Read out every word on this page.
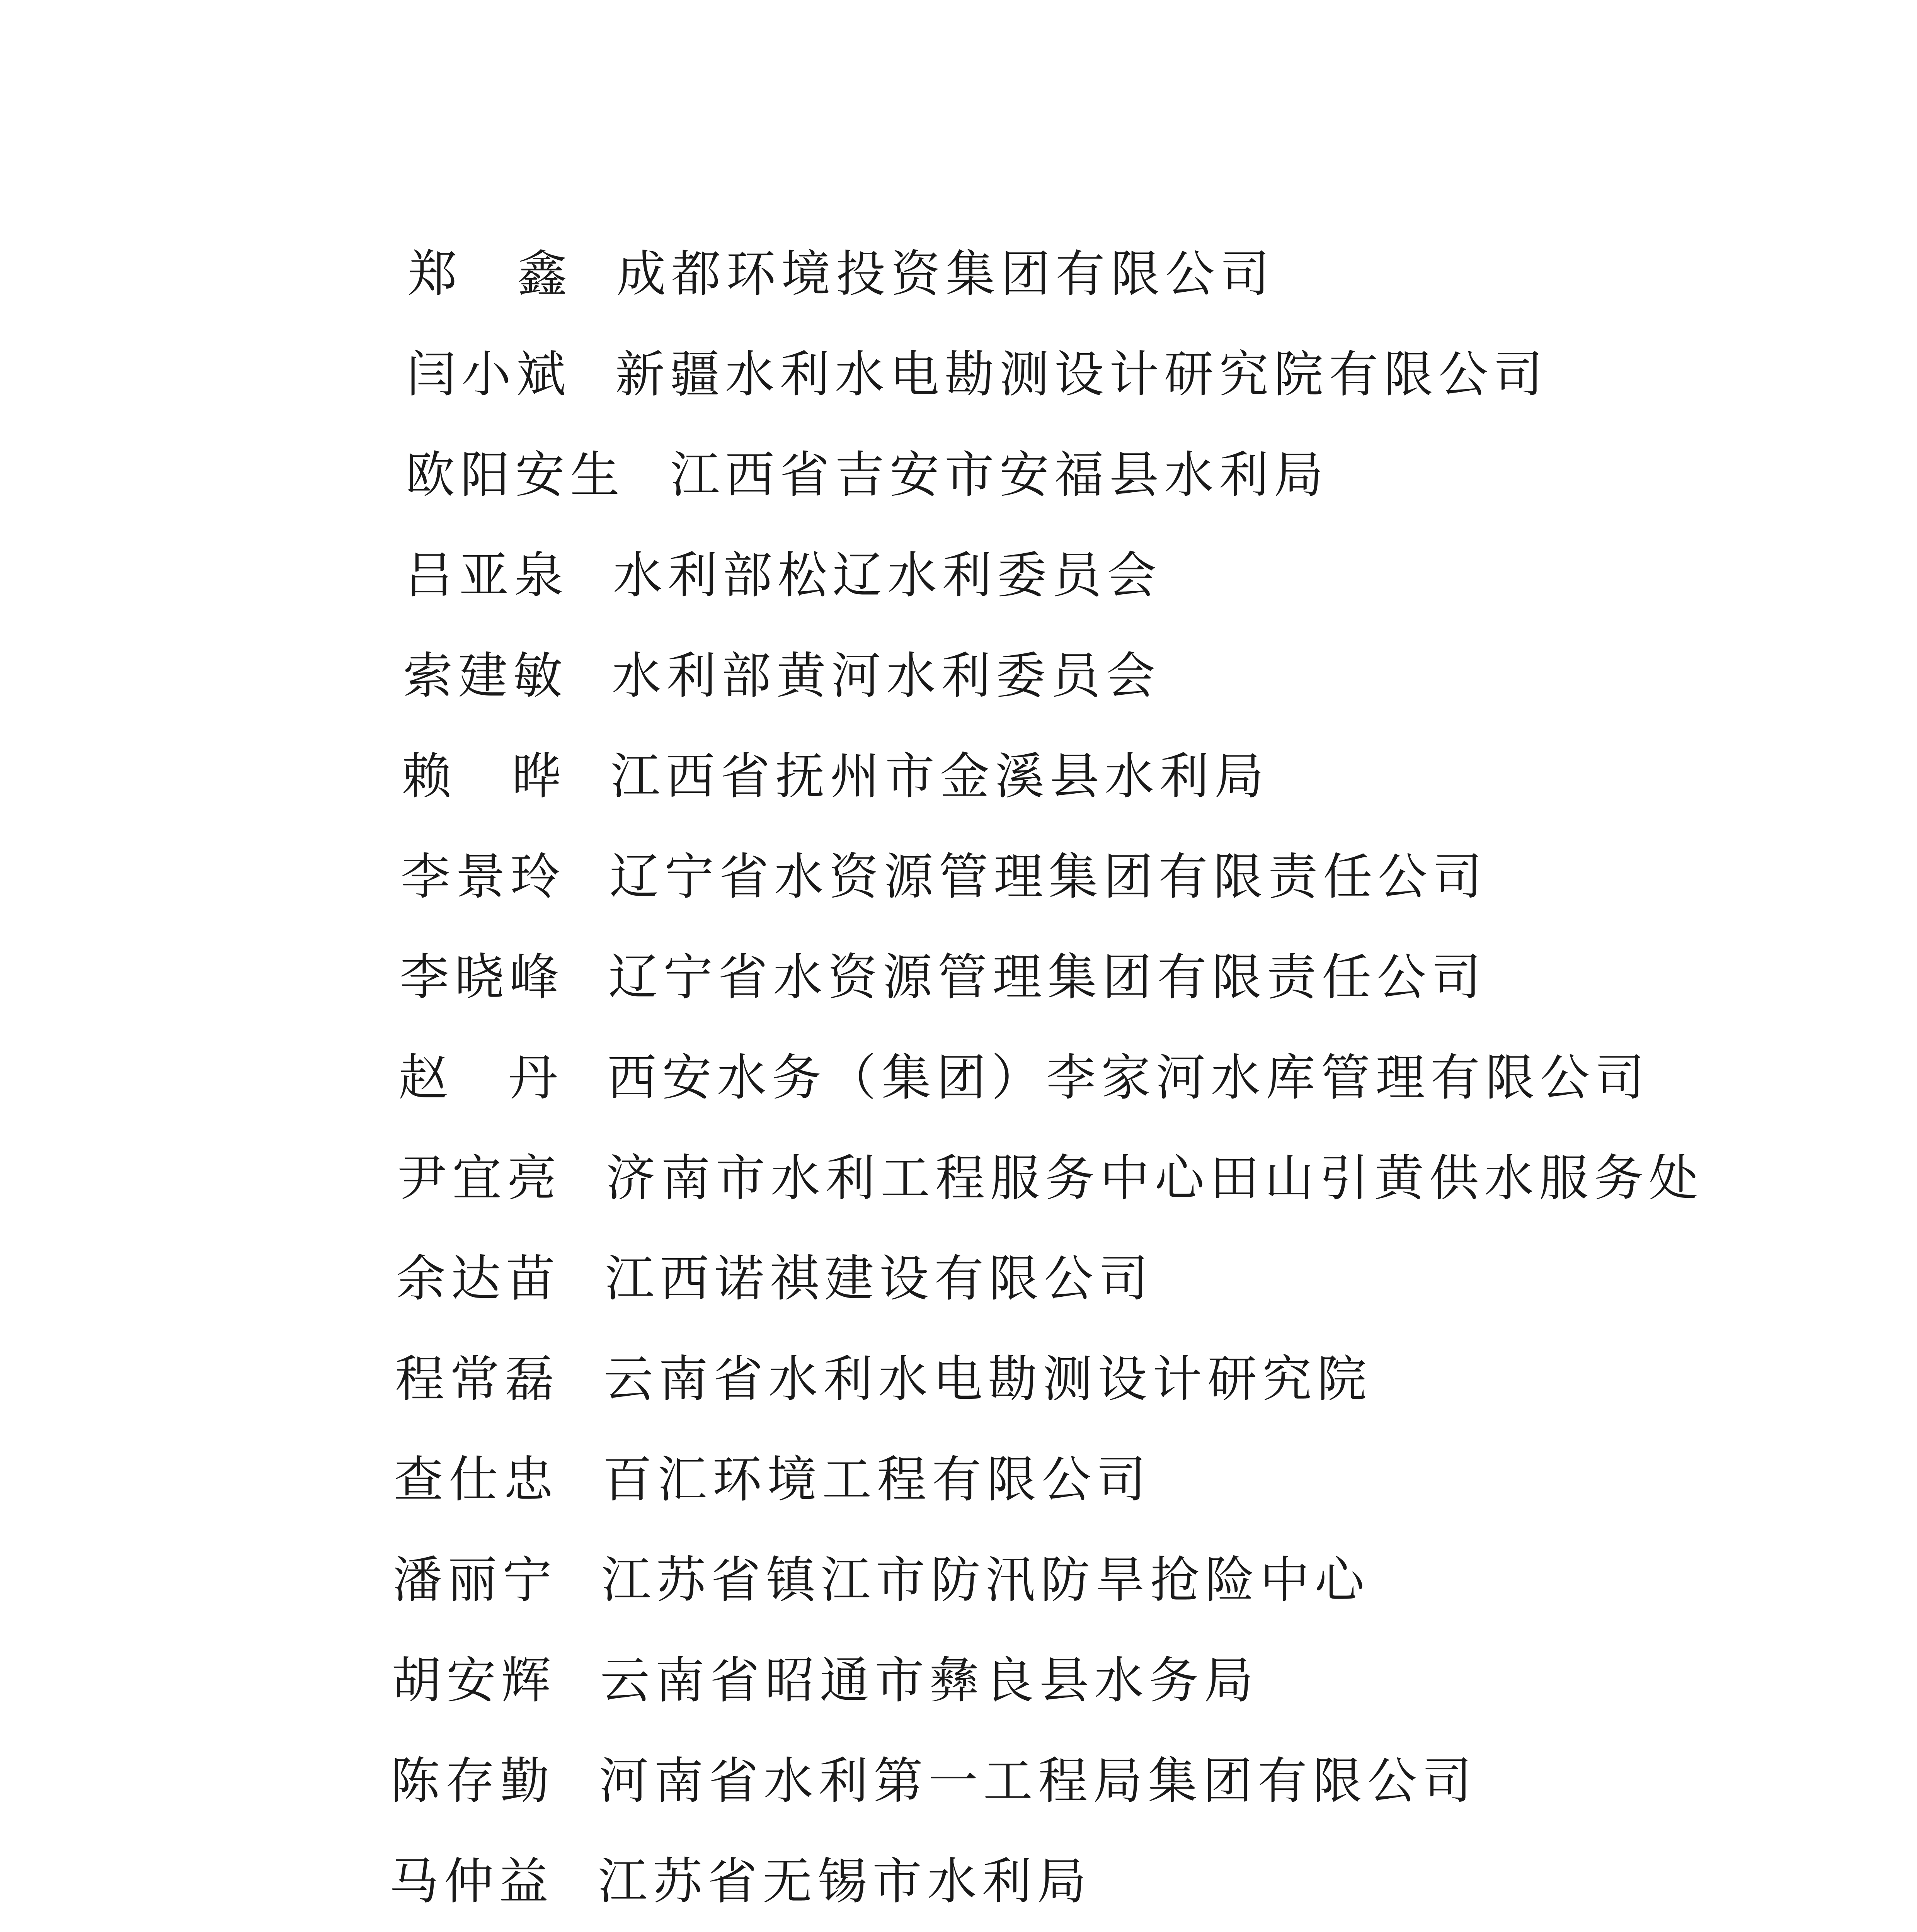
郑　鑫 成都环境投资集团有限公司
闫小斌 新疆水利水电勘测设计研究院有限公司
欧阳安生 江西省吉安市安福县水利局
吕亚泉 水利部松辽水利委员会
索建敏 水利部黄河水利委员会
赖　晔 江西省抚州市金溪县水利局
李景玲 辽宁省水资源管理集团有限责任公司
李晓峰 辽宁省水资源管理集团有限责任公司
赵　丹 西安水务（集团）李家河水库管理有限公司
尹宜亮 济南市水利工程服务中心田山引黄供水服务处
余达苗 江西诺祺建设有限公司
程常磊 云南省水利水电勘测设计研究院
查仕忠 百汇环境工程有限公司
潘丽宁 江苏省镇江市防汛防旱抢险中心
胡安辉 云南省昭通市彝良县水务局
陈存勤 河南省水利第一工程局集团有限公司
马仲益 江苏省无锡市水利局
